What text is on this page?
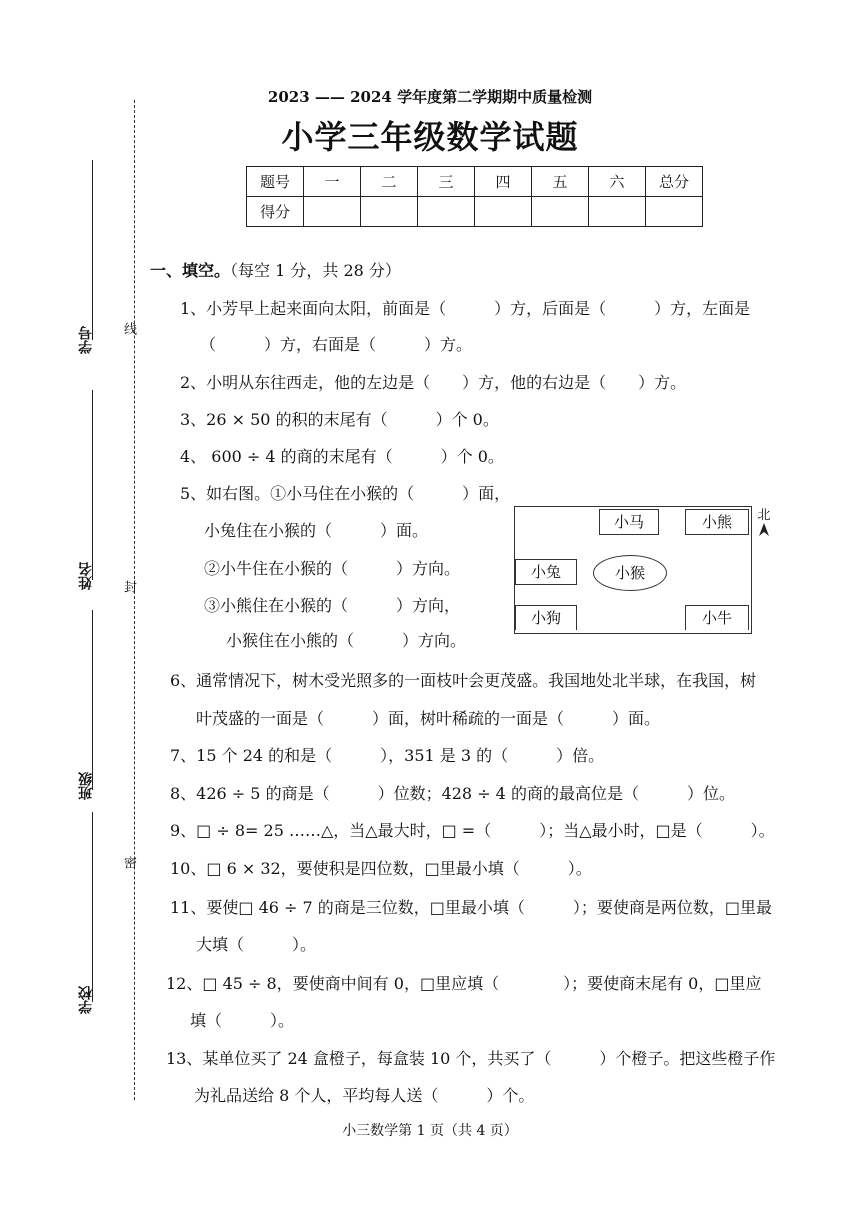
2023 —— 2024 学年度第二学期期中质量检测
小学三年级数学试题
题号	一	二	三	四	五	六	总分
得分							
学号
姓名
班级
学校
线
封
密
一、填空。（每空 1 分，共 28 分）
1、小芳早上起来面向太阳，前面是（　　　）方，后面是（　　　）方，左面是
（　　　）方，右面是（　　　）方。
2、小明从东往西走，他的左边是（　　）方，他的右边是（　　）方。
3、26 × 50 的积的末尾有（　　　）个 0。
4、 600 ÷ 4 的商的末尾有（　　　）个 0。
5、如右图。①小马住在小猴的（　　　）面，
小兔住在小猴的（　　　）面。
②小牛住在小猴的（　　　）方向。
③小熊住在小猴的（　　　）方向，
小猴住在小熊的（　　　）方向。
小马	小熊
小兔	小猴
小狗	小牛
北
6、通常情况下，树木受光照多的一面枝叶会更茂盛。我国地处北半球，在我国，树
叶茂盛的一面是（　　　）面，树叶稀疏的一面是（　　　）面。
7、15 个 24 的和是（　　　），351 是 3 的（　　　）倍。
8、426 ÷ 5 的商是（　　　）位数；428 ÷ 4 的商的最高位是（　　　）位。
9、□ ÷ 8= 25 ……△，当△最大时，□ =（　　　）；当△最小时，□是（　　　）。
10、□ 6 × 32，要使积是四位数，□里最小填（　　　）。
11、要使□ 46 ÷ 7 的商是三位数，□里最小填（　　　）；要使商是两位数，□里最
大填（　　　）。
12、□ 45 ÷ 8，要使商中间有 0，□里应填（　　　　）；要使商末尾有 0，□里应
填（　　　）。
13、某单位买了 24 盒橙子，每盒装 10 个，共买了（　　　）个橙子。把这些橙子作
为礼品送给 8 个人，平均每人送（　　　）个。
小三数学第 1 页（共 4 页）
